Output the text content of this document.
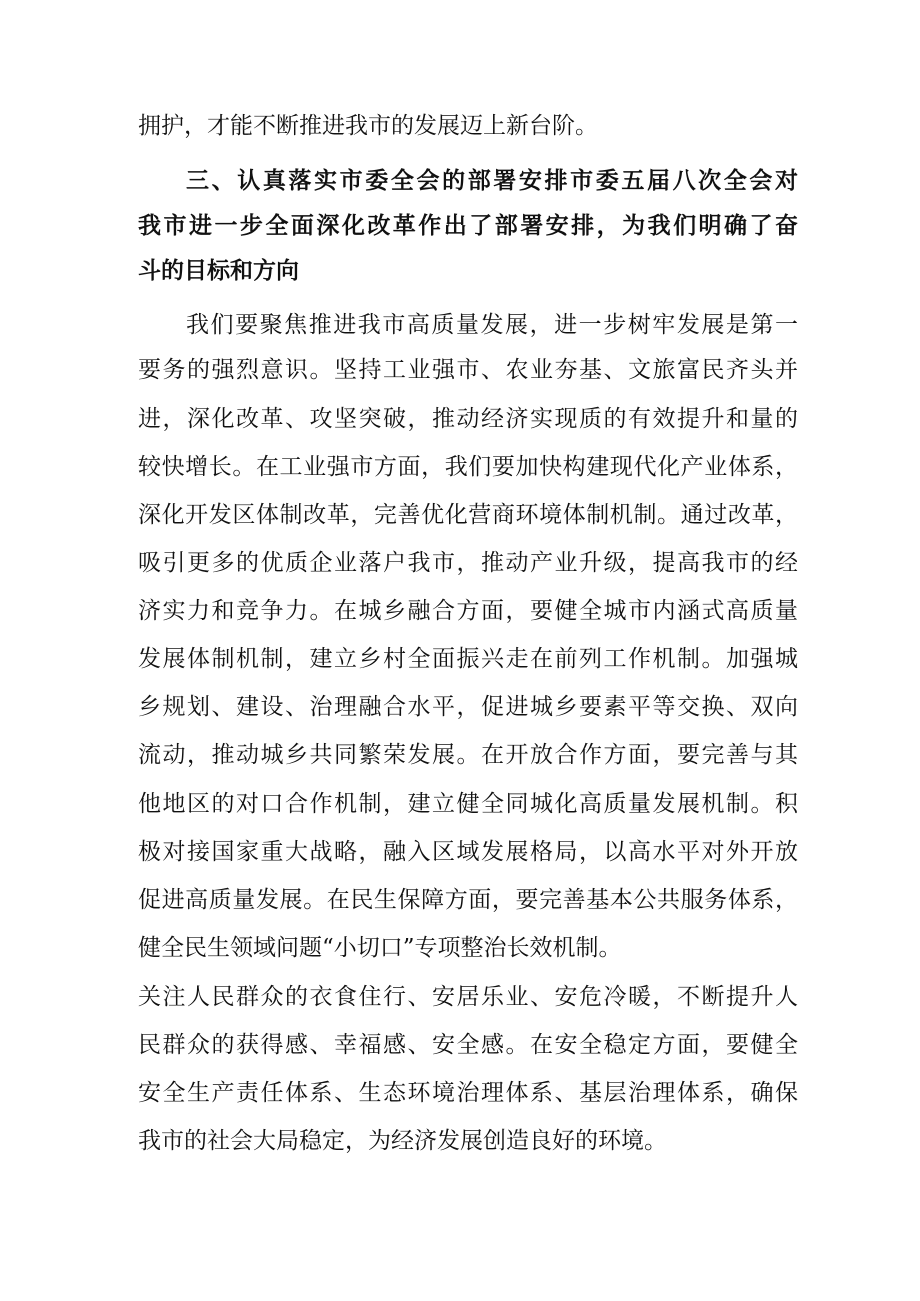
拥护，才能不断推进我市的发展迈上新台阶。
三、认真落实市委全会的部署安排市委五届八次全会对
我市进一步全面深化改革作出了部署安排，为我们明确了奋
斗的目标和方向
我们要聚焦推进我市高质量发展，进一步树牢发展是第一
要务的强烈意识。坚持工业强市、农业夯基、文旅富民齐头并
进，深化改革、攻坚突破，推动经济实现质的有效提升和量的
较快增长。在工业强市方面，我们要加快构建现代化产业体系，
深化开发区体制改革，完善优化营商环境体制机制。通过改革，
吸引更多的优质企业落户我市，推动产业升级，提高我市的经
济实力和竞争力。在城乡融合方面，要健全城市内涵式高质量
发展体制机制，建立乡村全面振兴走在前列工作机制。加强城
乡规划、建设、治理融合水平，促进城乡要素平等交换、双向
流动，推动城乡共同繁荣发展。在开放合作方面，要完善与其
他地区的对口合作机制，建立健全同城化高质量发展机制。积
极对接国家重大战略，融入区域发展格局，以高水平对外开放
促进高质量发展。在民生保障方面，要完善基本公共服务体系，
健全民生领域问题“小切口”专项整治长效机制。
关注人民群众的衣食住行、安居乐业、安危冷暖，不断提升人
民群众的获得感、幸福感、安全感。在安全稳定方面，要健全
安全生产责任体系、生态环境治理体系、基层治理体系，确保
我市的社会大局稳定，为经济发展创造良好的环境。
